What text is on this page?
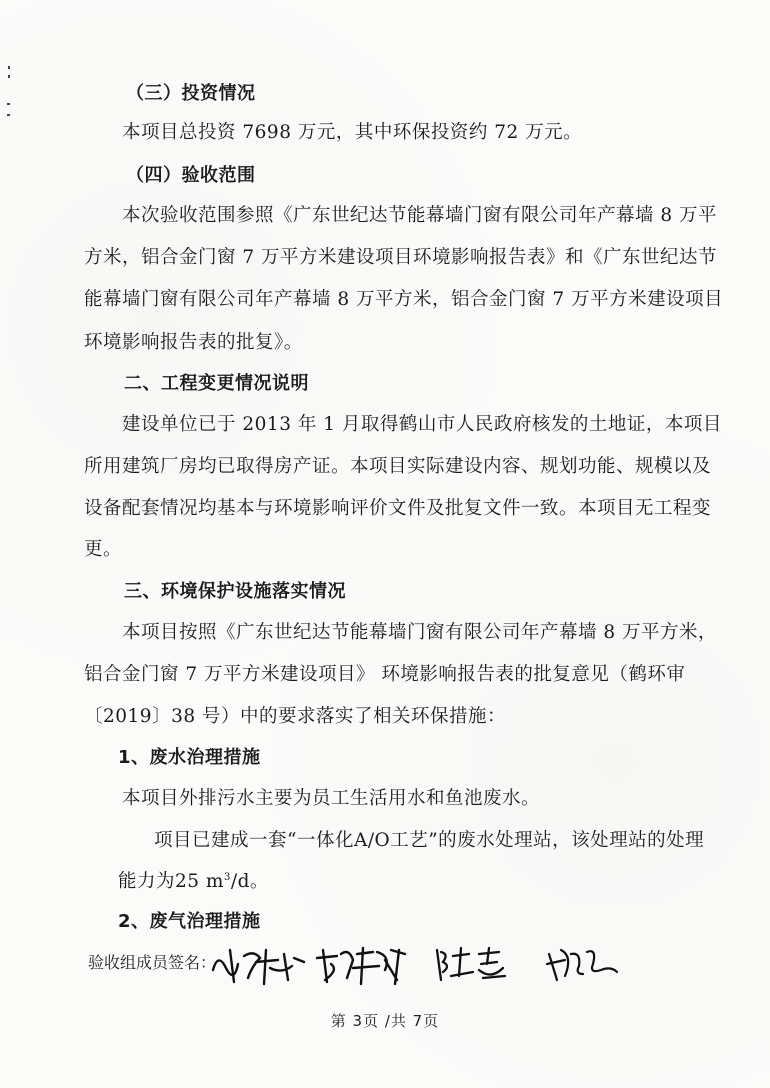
（三）投资情况
本项目总投资 7698 万元，其中环保投资约 72 万元。
（四）验收范围
本次验收范围参照《广东世纪达节能幕墙门窗有限公司年产幕墙 8 万平
方米，铝合金门窗 7 万平方米建设项目环境影响报告表》和《广东世纪达节
能幕墙门窗有限公司年产幕墙 8 万平方米，铝合金门窗 7 万平方米建设项目
环境影响报告表的批复》。
二、工程变更情况说明
建设单位已于 2013 年 1 月取得鹤山市人民政府核发的土地证，本项目
所用建筑厂房均已取得房产证。本项目实际建设内容、规划功能、规模以及
设备配套情况均基本与环境影响评价文件及批复文件一致。本项目无工程变
更。
三、环境保护设施落实情况
本项目按照《广东世纪达节能幕墙门窗有限公司年产幕墙 8 万平方米，
铝合金门窗 7 万平方米建设项目》 环境影响报告表的批复意见（鹤环审
〔2019〕38 号）中的要求落实了相关环保措施：
1、废水治理措施
本项目外排污水主要为员工生活用水和鱼池废水。
项目已建成一套“一体化A/O工艺”的废水处理站，该处理站的处理
能力为25 $m^3/d$。
2、废气治理措施
验收组成员签名：
第 3页 /共 7页
